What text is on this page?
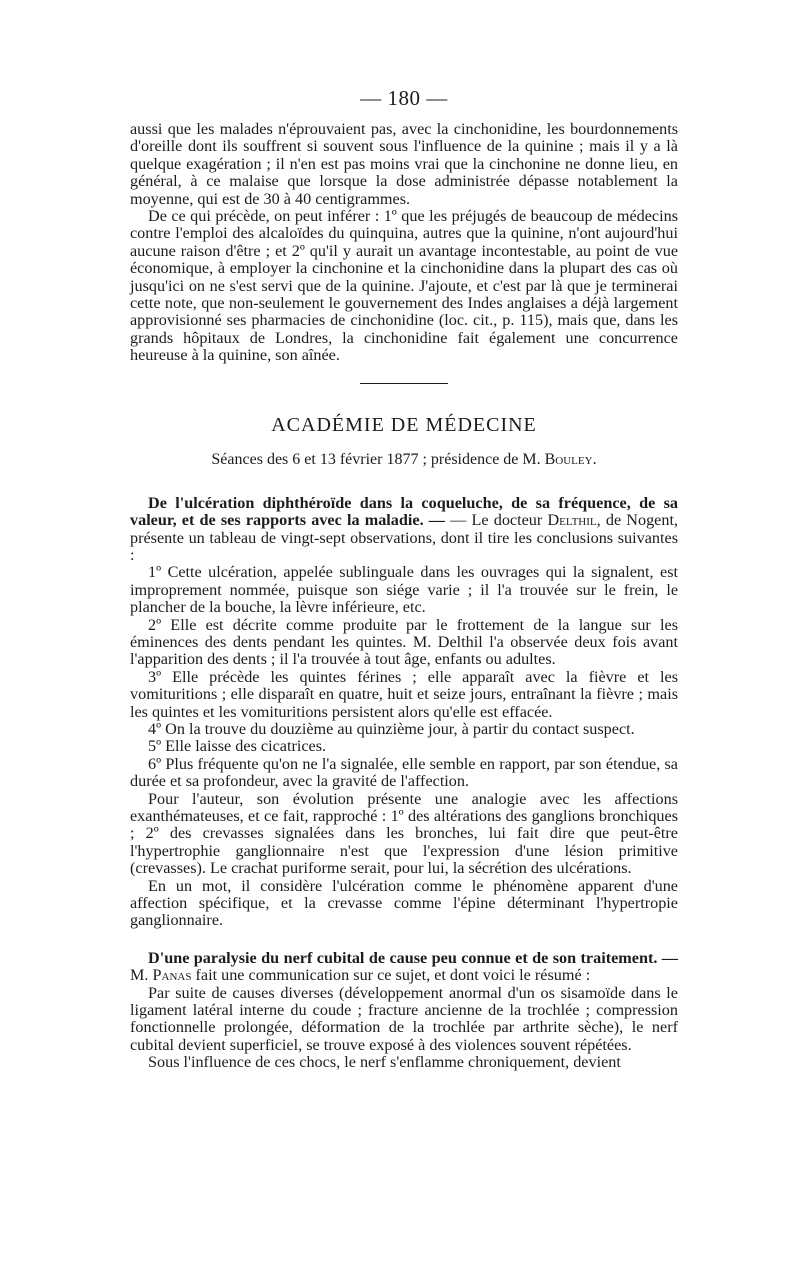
— 180 —

aussi que les malades n'éprouvaient pas, avec la cinchonidine, les bourdonnements d'oreille dont ils souffrent si souvent sous l'influence de la quinine ; mais il y a là quelque exagération ; il n'en est pas moins vrai que la cinchonine ne donne lieu, en général, à ce malaise que lorsque la dose administrée dépasse notablement la moyenne, qui est de 30 à 40 centigrammes.

De ce qui précède, on peut inférer : 1º que les préjugés de beaucoup de médecins contre l'emploi des alcaloïdes du quinquina, autres que la quinine, n'ont aujourd'hui aucune raison d'être ; et 2º qu'il y aurait un avantage incontestable, au point de vue économique, à employer la cinchonine et la cinchonidine dans la plupart des cas où jusqu'ici on ne s'est servi que de la quinine. J'ajoute, et c'est par là que je terminerai cette note, que non-seulement le gouvernement des Indes anglaises a déjà largement approvisionné ses pharmacies de cinchonidine (loc. cit., p. 115), mais que, dans les grands hôpitaux de Londres, la cinchonidine fait également une concurrence heureuse à la quinine, son aînée.

ACADÉMIE DE MÉDECINE
Séances des 6 et 13 février 1877 ; présidence de M. Bouley.

De l'ulcération diphthéroïde dans la coqueluche, de sa fréquence, de sa valeur, et de ses rapports avec la maladie. — — Le docteur Delthil, de Nogent, présente un tableau de vingt-sept observations, dont il tire les conclusions suivantes :

1º Cette ulcération, appelée sublinguale dans les ouvrages qui la signalent, est improprement nommée, puisque son siége varie ; il l'a trouvée sur le frein, le plancher de la bouche, la lèvre inférieure, etc.

2º Elle est décrite comme produite par le frottement de la langue sur les éminences des dents pendant les quintes. M. Delthil l'a observée deux fois avant l'apparition des dents ; il l'a trouvée à tout âge, enfants ou adultes.

3º Elle précède les quintes férines ; elle apparaît avec la fièvre et les vomituritions ; elle disparaît en quatre, huit et seize jours, entraînant la fièvre ; mais les quintes et les vomituritions persistent alors qu'elle est effacée.

4º On la trouve du douzième au quinzième jour, à partir du contact suspect.

5º Elle laisse des cicatrices.

6º Plus fréquente qu'on ne l'a signalée, elle semble en rapport, par son étendue, sa durée et sa profondeur, avec la gravité de l'affection.

Pour l'auteur, son évolution présente une analogie avec les affections exanthémateuses, et ce fait, rapproché : 1º des altérations des ganglions bronchiques ; 2º des crevasses signalées dans les bronches, lui fait dire que peut-être l'hypertrophie ganglionnaire n'est que l'expression d'une lésion primitive (crevasses). Le crachat puriforme serait, pour lui, la sécrétion des ulcérations.

En un mot, il considère l'ulcération comme le phénomène apparent d'une affection spécifique, et la crevasse comme l'épine déterminant l'hypertropie ganglionnaire.

D'une paralysie du nerf cubital de cause peu connue et de son traitement. — M. Panas fait une communication sur ce sujet, et dont voici le résumé :

Par suite de causes diverses (développement anormal d'un os sisamoïde dans le ligament latéral interne du coude ; fracture ancienne de la trochlée ; compression fonctionnelle prolongée, déformation de la trochlée par arthrite sèche), le nerf cubital devient superficiel, se trouve exposé à des violences souvent répétées.

Sous l'influence de ces chocs, le nerf s'enflamme chroniquement, devient
